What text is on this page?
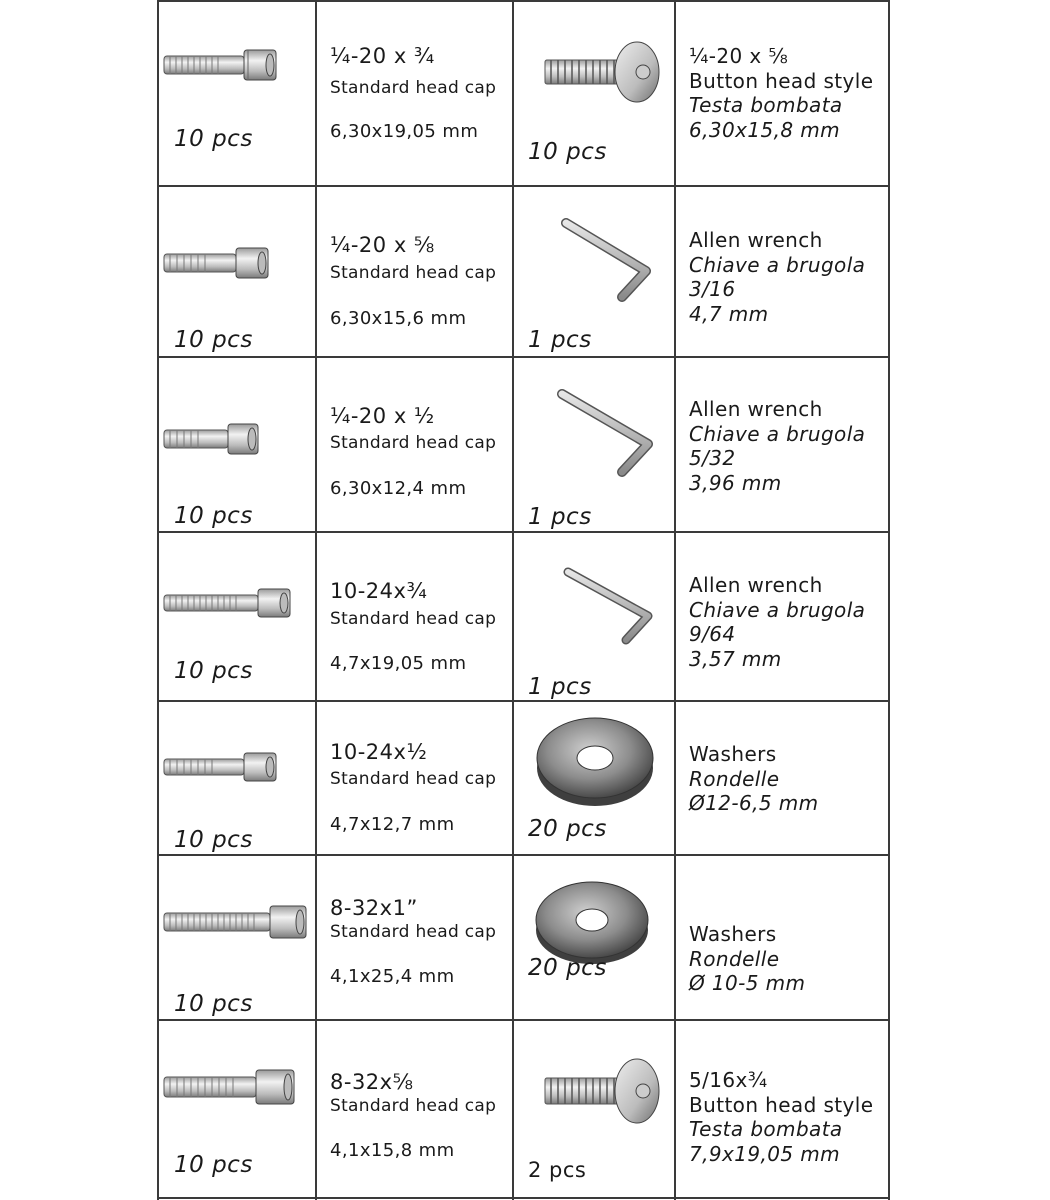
10 pcs
¼-20 x ¾
Standard head cap
6,30x19,05 mm
10 pcs
¼-20 x ⅝
Button head style
Testa bombata
6,30x15,8 mm
10 pcs
¼-20 x ⅝
Standard head cap
6,30x15,6 mm
1 pcs
Allen wrench
Chiave a brugola
3/16
4,7 mm
10 pcs
¼-20 x ½
Standard head cap
6,30x12,4 mm
1 pcs
Allen wrench
Chiave a brugola
5/32
3,96 mm
10 pcs
10-24x¾
Standard head cap
4,7x19,05 mm
1 pcs
Allen wrench
Chiave a brugola
9/64
3,57 mm
10 pcs
10-24x½
Standard head cap
4,7x12,7 mm	20 pcs
Washers
Rondelle
Ø12-6,5 mm
10 pcs
8-32x1”
Standard head cap
4,1x25,4 mm	20 pcs
Washers
Rondelle
Ø 10-5 mm
10 pcs
8-32x⅝
Standard head cap
4,1x15,8 mm
2 pcs
5/16x¾
Button head style
Testa bombata
7,9x19,05 mm
